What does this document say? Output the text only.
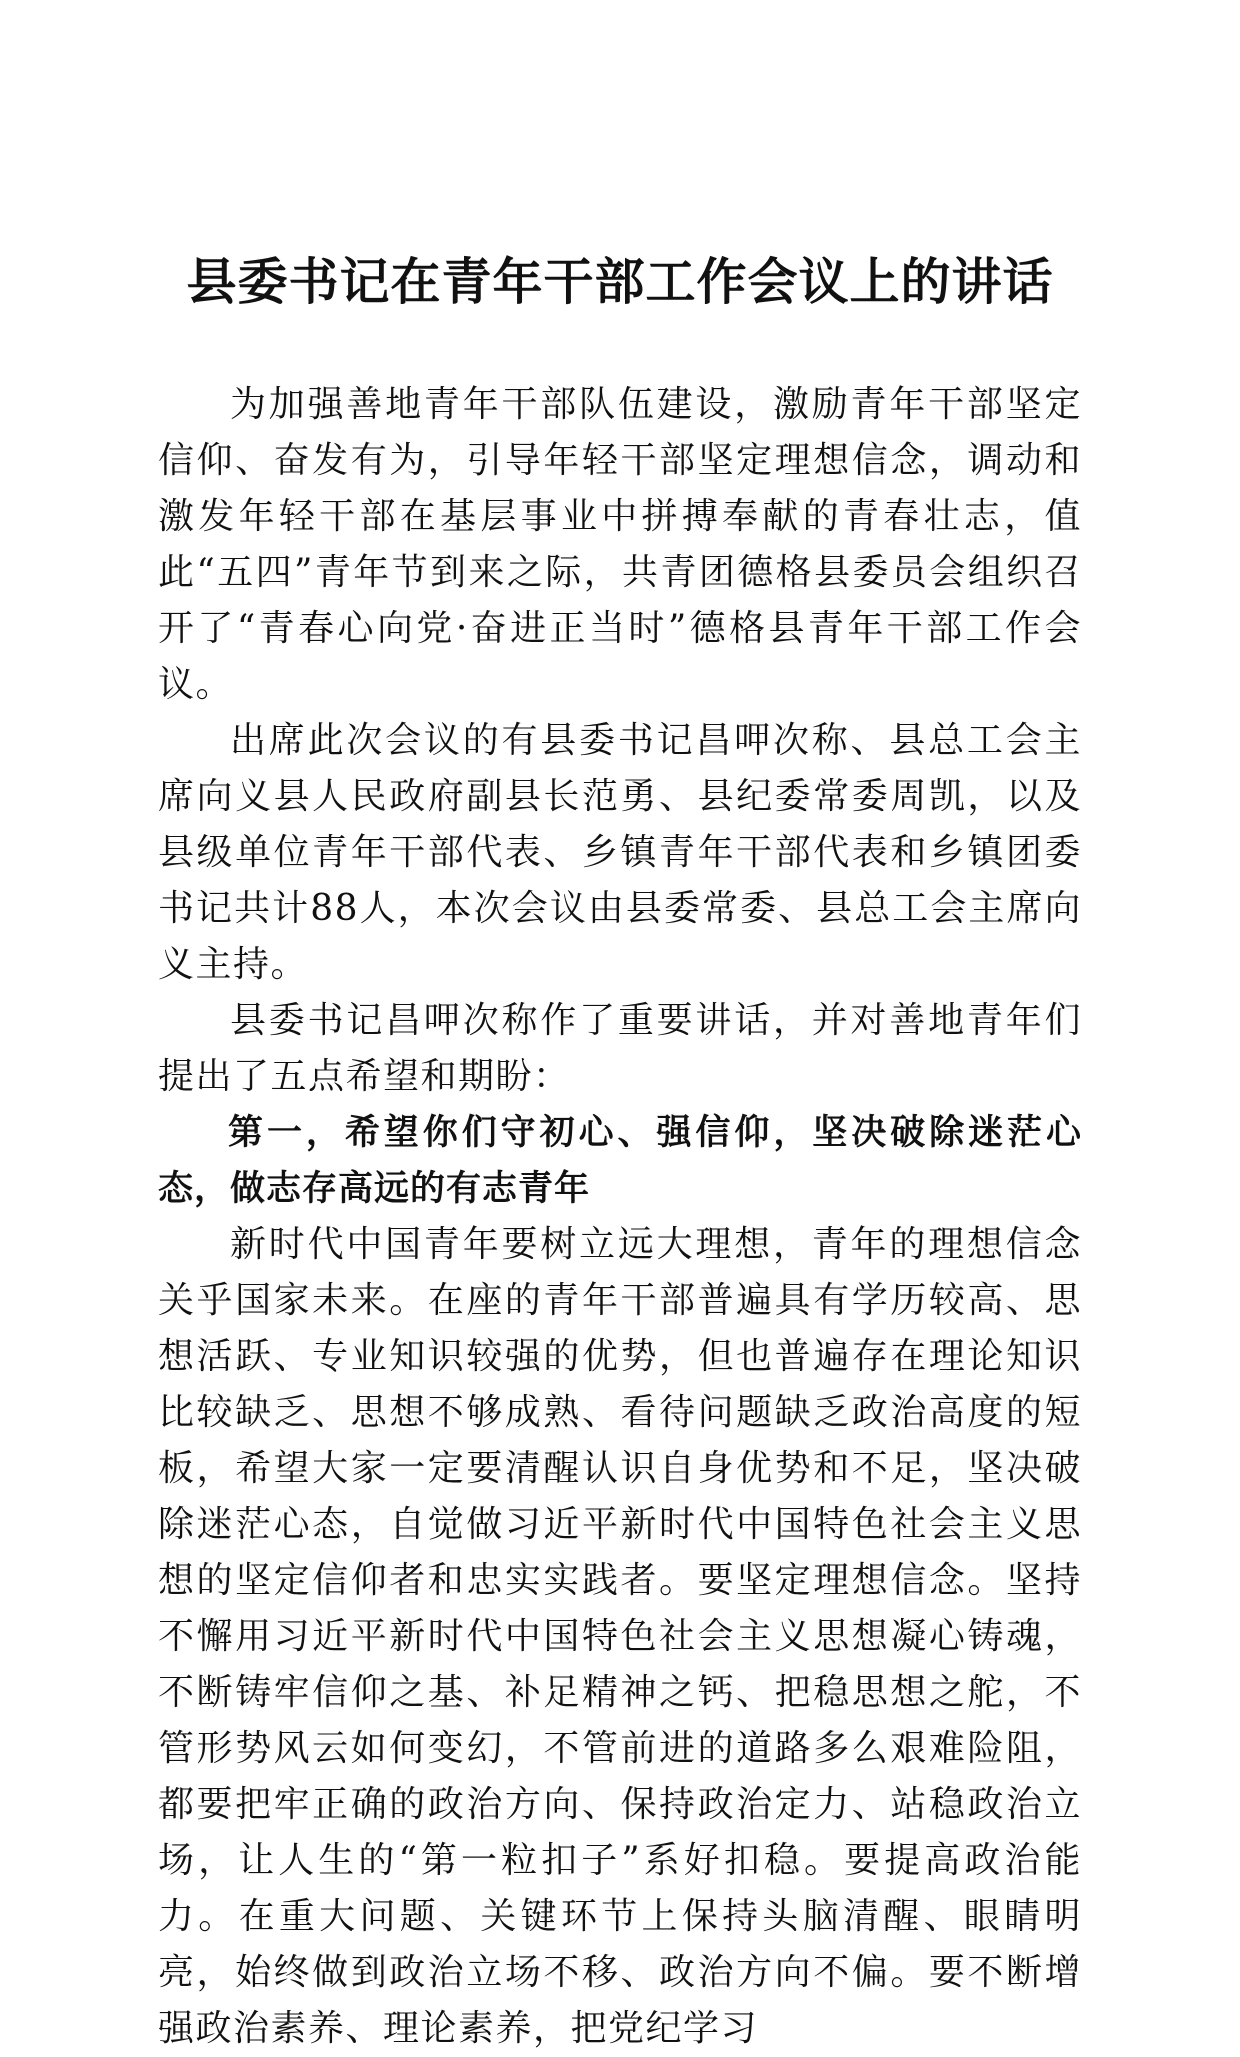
县委书记在青年干部工作会议上的讲话

为加强善地青年干部队伍建设，激励青年干部坚定信仰、奋发有为，引导年轻干部坚定理想信念，调动和激发年轻干部在基层事业中拼搏奉献的青春壮志，值此“五四”青年节到来之际，共青团德格县委员会组织召开了“青春心向党·奋进正当时”德格县青年干部工作会议。

出席此次会议的有县委书记昌呷次称、县总工会主席向义县人民政府副县长范勇、县纪委常委周凯，以及县级单位青年干部代表、乡镇青年干部代表和乡镇团委书记共计88人，本次会议由县委常委、县总工会主席向义主持。

县委书记昌呷次称作了重要讲话，并对善地青年们提出了五点希望和期盼：

第一，希望你们守初心、强信仰，坚决破除迷茫心态，做志存高远的有志青年

新时代中国青年要树立远大理想，青年的理想信念关乎国家未来。在座的青年干部普遍具有学历较高、思想活跃、专业知识较强的优势，但也普遍存在理论知识比较缺乏、思想不够成熟、看待问题缺乏政治高度的短板，希望大家一定要清醒认识自身优势和不足，坚决破除迷茫心态，自觉做习近平新时代中国特色社会主义思想的坚定信仰者和忠实实践者。要坚定理想信念。坚持不懈用习近平新时代中国特色社会主义思想凝心铸魂，不断铸牢信仰之基、补足精神之钙、把稳思想之舵，不管形势风云如何变幻，不管前进的道路多么艰难险阻，都要把牢正确的政治方向、保持政治定力、站稳政治立场，让人生的“第一粒扣子”系好扣稳。要提高政治能力。在重大问题、关键环节上保持头脑清醒、眼睛明亮，始终做到政治立场不移、政治方向不偏。要不断增强政治素养、理论素养，把党纪学习
